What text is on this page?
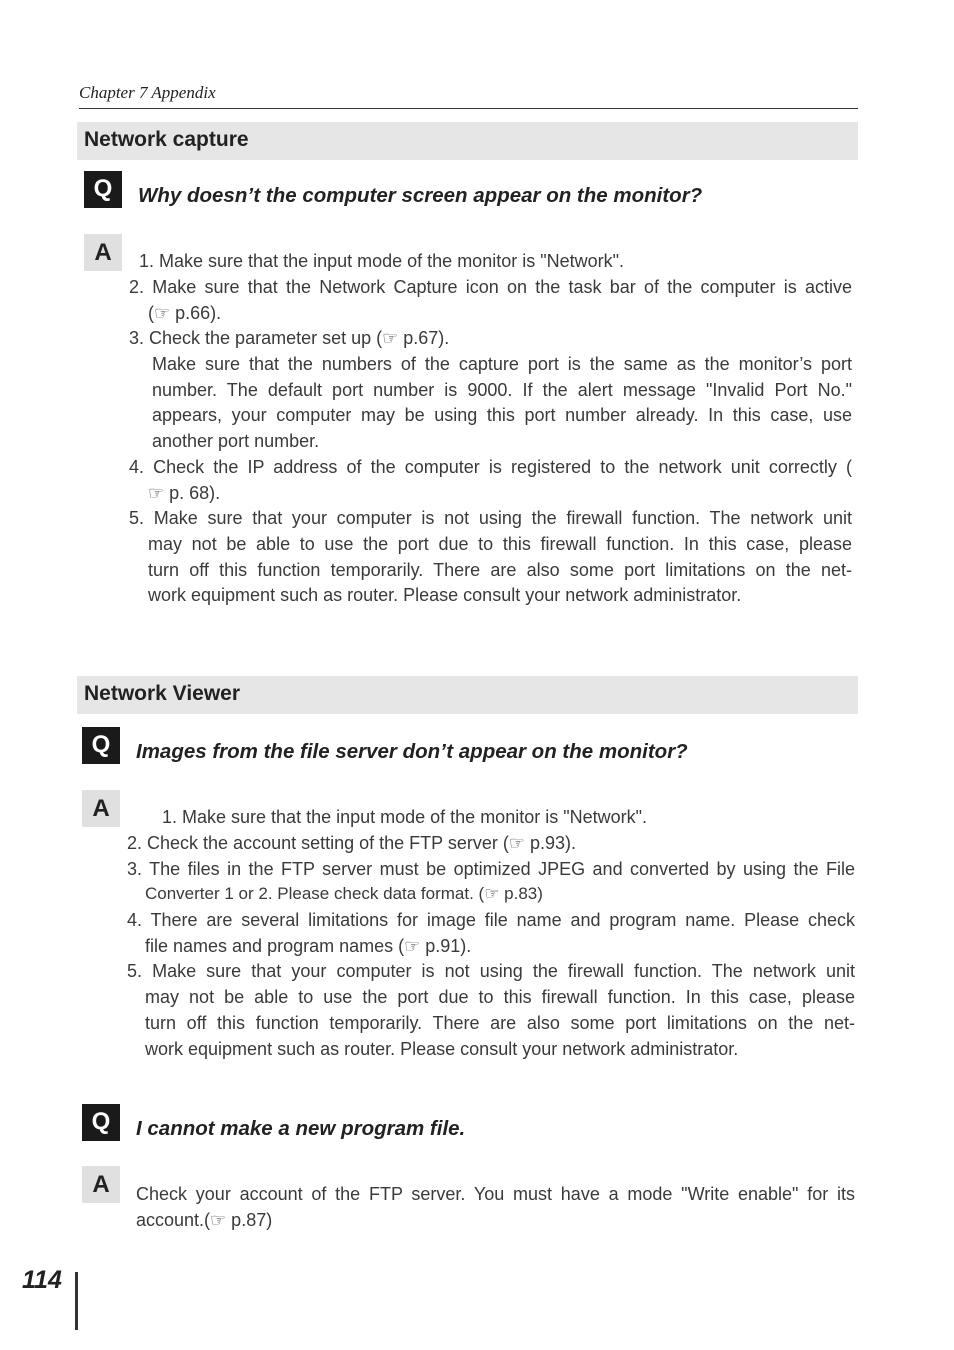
Chapter 7 Appendix
Network capture
Q	Why doesn’t the computer screen appear on the monitor?
A	1. Make sure that the input mode of the monitor is "Network".
2. Make sure that the Network Capture icon on the task bar of the computer is active
(☞ p.66).
3. Check the parameter set up (☞ p.67).
Make sure that the numbers of the capture port is the same as the monitor’s port
number. The default port number is 9000. If the alert message "Invalid Port No."
appears, your computer may be using this port number already. In this case, use
another port number.
4. Check the IP address of the computer is registered to the network unit correctly (
☞ p. 68).
5. Make sure that your computer is not using the firewall function. The network unit
may not be able to use the port due to this firewall function. In this case, please
turn off this function temporarily. There are also some port limitations on the net-
work equipment such as router. Please consult your network administrator.
Network Viewer
Q	Images from the file server don’t appear on the monitor?
A	1. Make sure that the input mode of the monitor is "Network".
2. Check the account setting of the FTP server (☞ p.93).
3. The files in the FTP server must be optimized JPEG and converted by using the File
Converter 1 or 2. Please check data format. (☞ p.83)
4. There are several limitations for image file name and program name. Please check
file names and program names (☞ p.91).
5. Make sure that your computer is not using the firewall function. The network unit
may not be able to use the port due to this firewall function. In this case, please
turn off this function temporarily. There are also some port limitations on the net-
work equipment such as router. Please consult your network administrator.
Q	I cannot make a new program file.
A	Check your account of the FTP server. You must have a mode "Write enable" for its
account.(☞ p.87)
114
